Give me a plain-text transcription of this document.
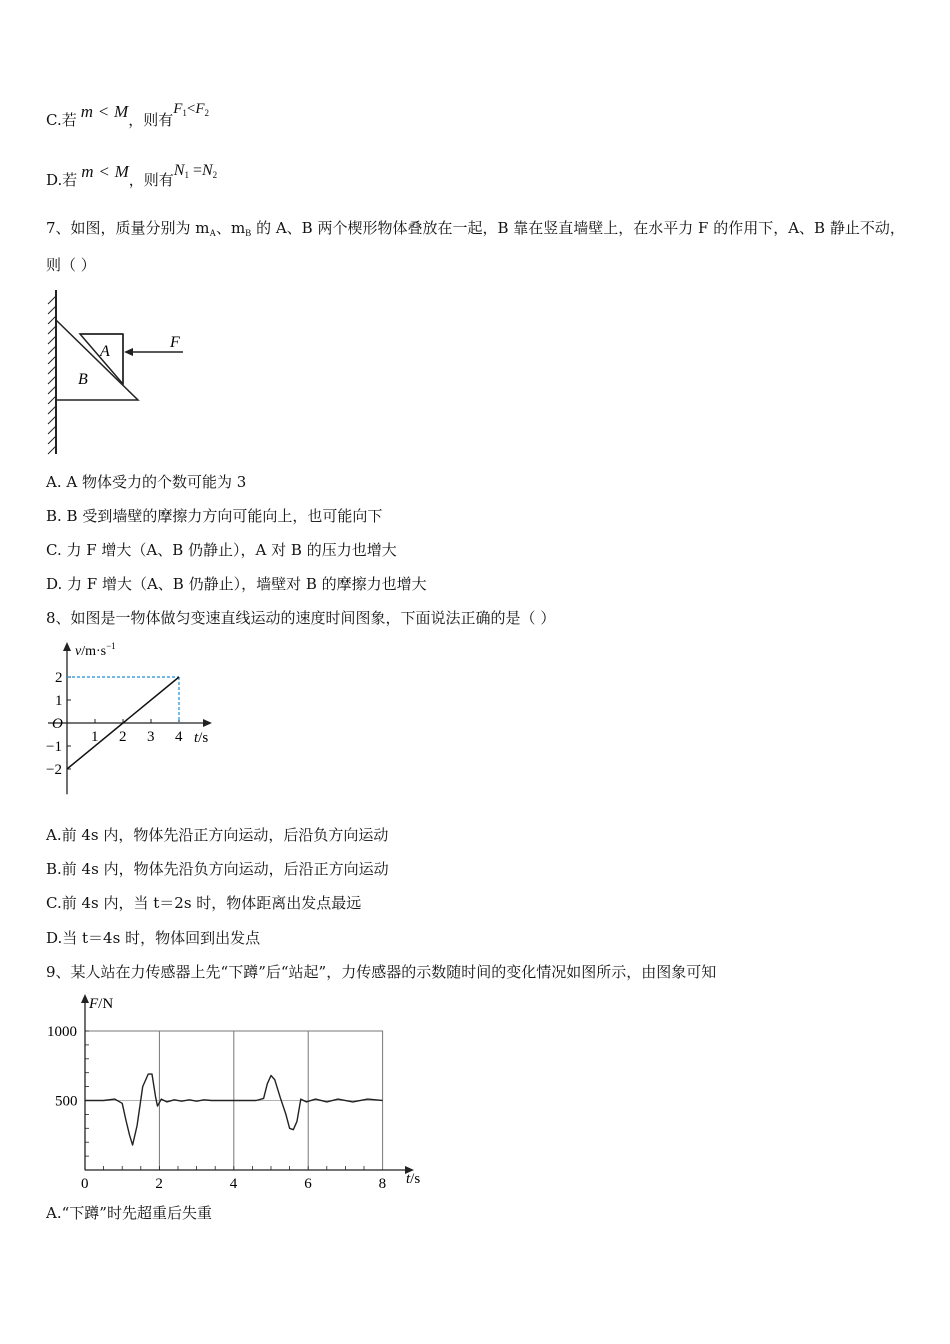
C.若 m < M，则有$F_1<F_2$
D.若 m < M，则有$N_1 =N_2$
7、如图，质量分别为 $m_A$、$m_B$ 的 A、B 两个楔形物体叠放在一起，B 靠在竖直墙壁上，在水平力 F 的作用下，A、B 静止不动，
则（ ）
A
B
F
A. A 物体受力的个数可能为 3
B. B 受到墙壁的摩擦力方向可能向上，也可能向下
C. 力 F 增大（A、B 仍静止），A 对 B 的压力也增大
D. 力 F 增大（A、B 仍静止），墙壁对 B 的摩擦力也增大
8、如图是一物体做匀变速直线运动的速度时间图象，下面说法正确的是（ ）
$v/m\cdot s^{-1}$
t/s
O
1 2 3 4
2
1
−1
−2
A.前 4s 内，物体先沿正方向运动，后沿负方向运动
B.前 4s 内，物体先沿负方向运动，后沿正方向运动
C.前 4s 内，当 t＝2s 时，物体距离出发点最远
D.当 t＝4s 时，物体回到出发点
9、某人站在力传感器上先“下蹲”后“站起”，力传感器的示数随时间的变化情况如图所示，由图象可知
F/N
t/s
0	2	4	6	8
500
1000
A.“下蹲”时先超重后失重
